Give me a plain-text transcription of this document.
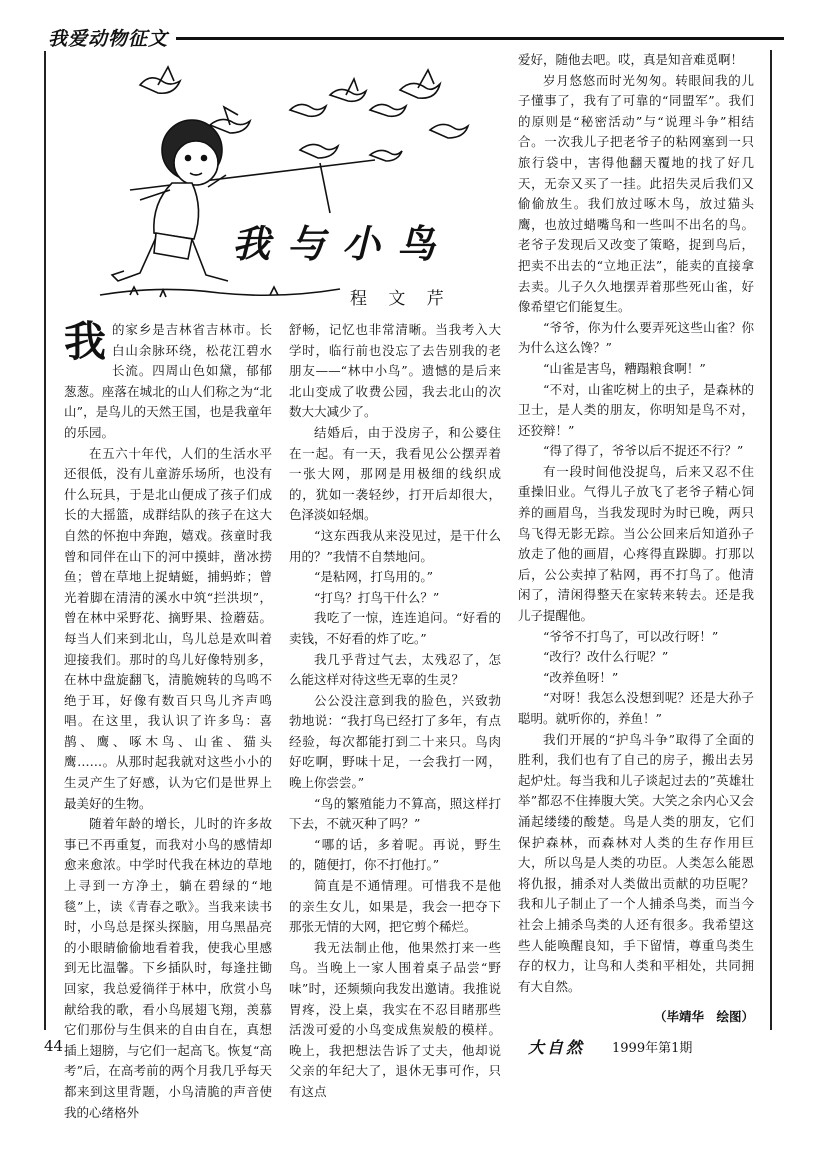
我爱动物征文
我与小鸟
程 文 芹

我的家乡是吉林省吉林市。长白山余脉环绕，松花江碧水长流。四周山色如黛，郁郁葱葱。座落在城北的山人们称之为“北山”，是鸟儿的天然王国，也是我童年的乐园。

在五六十年代，人们的生活水平还很低，没有儿童游乐场所，也没有什么玩具，于是北山便成了孩子们成长的大摇篮，成群结队的孩子在这大自然的怀抱中奔跑，嬉戏。孩童时我曾和同伴在山下的河中摸蚌，凿冰捞鱼；曾在草地上捉蜻蜓，捕蚂蚱；曾光着脚在清清的溪水中筑“拦洪坝”，曾在林中采野花、摘野果、捡蘑菇。每当人们来到北山，鸟儿总是欢叫着迎接我们。那时的鸟儿好像特别多，在林中盘旋翻飞，清脆婉转的鸟鸣不绝于耳，好像有数百只鸟儿齐声鸣唱。在这里，我认识了许多鸟：喜鹊、鹰、啄木鸟、山雀、猫头鹰……。从那时起我就对这些小小的生灵产生了好感，认为它们是世界上最美好的生物。

随着年龄的增长，儿时的许多故事已不再重复，而我对小鸟的感情却愈来愈浓。中学时代我在林边的草地上寻到一方净土，躺在碧绿的“地毯”上，读《青春之歌》。当我来读书时，小鸟总是探头探脑，用乌黑晶亮的小眼睛偷偷地看着我，使我心里感到无比温馨。下乡插队时，每逢拄锄回家，我总爱徜徉于林中，欣赏小鸟献给我的歌，看小鸟展翅飞翔，羡慕它们那份与生俱来的自由自在，真想插上翅膀，与它们一起高飞。恢复“高考”后，在高考前的两个月我几乎每天都来到这里背题，小鸟清脆的声音使我的心绪格外

舒畅，记忆也非常清晰。当我考入大学时，临行前也没忘了去告别我的老朋友——“林中小鸟”。遗憾的是后来北山变成了收费公园，我去北山的次数大大减少了。

结婚后，由于没房子，和公婆住在一起。有一天，我看见公公摆弄着一张大网，那网是用极细的线织成的，犹如一袭轻纱，打开后却很大，色泽淡如轻烟。

“这东西我从来没见过，是干什么用的？”我情不自禁地问。

“是粘网，打鸟用的。”

“打鸟？打鸟干什么？”

我吃了一惊，连连追问。“好看的卖钱，不好看的炸了吃。”

我几乎背过气去，太残忍了，怎么能这样对待这些无辜的生灵？

公公没注意到我的脸色，兴致勃勃地说：“我打鸟已经打了多年，有点经验，每次都能打到二十来只。鸟肉好吃啊，野味十足，一会我打一网，晚上你尝尝。”

“鸟的繁殖能力不算高，照这样打下去，不就灭种了吗？”

“哪的话，多着呢。再说，野生的，随便打，你不打他打。”

简直是不通情理。可惜我不是他的亲生女儿，如果是，我会一把夺下那张无情的大网，把它剪个稀烂。

我无法制止他，他果然打来一些鸟。当晚上一家人围着桌子品尝“野味”时，还频频向我发出邀请。我推说胃疼，没上桌，我实在不忍目睹那些活泼可爱的小鸟变成焦炭般的模样。晚上，我把想法告诉了丈夫，他却说父亲的年纪大了，退休无事可作，只有这点

爱好，随他去吧。哎，真是知音难觅啊！

岁月悠悠而时光匆匆。转眼间我的儿子懂事了，我有了可靠的“同盟军”。我们的原则是“秘密活动”与“说理斗争”相结合。一次我儿子把老爷子的粘网塞到一只旅行袋中，害得他翻天覆地的找了好几天，无奈又买了一挂。此招失灵后我们又偷偷放生。我们放过啄木鸟，放过猫头鹰，也放过蜡嘴鸟和一些叫不出名的鸟。老爷子发现后又改变了策略，捉到鸟后，把卖不出去的“立地正法”，能卖的直接拿去卖。儿子久久地摆弄着那些死山雀，好像希望它们能复生。

“爷爷，你为什么要弄死这些山雀？你为什么这么馋？”

“山雀是害鸟，糟蹋粮食啊！”

“不对，山雀吃树上的虫子，是森林的卫士，是人类的朋友，你明知是鸟不对，还狡辩！”

“得了得了，爷爷以后不捉还不行？”

有一段时间他没捉鸟，后来又忍不住重操旧业。气得儿子放飞了老爷子精心饲养的画眉鸟，当我发现时为时已晚，两只鸟飞得无影无踪。当公公回来后知道孙子放走了他的画眉，心疼得直跺脚。打那以后，公公卖掉了粘网，再不打鸟了。他清闲了，清闲得整天在家转来转去。还是我儿子提醒他。

“爷爷不打鸟了，可以改行呀！”

“改行？改什么行呢？”

“改养鱼呀！”

“对呀！我怎么没想到呢？还是大孙子聪明。就听你的，养鱼！”

我们开展的“护鸟斗争”取得了全面的胜利，我们也有了自己的房子，搬出去另起炉灶。每当我和儿子谈起过去的”英雄壮举”都忍不住捧腹大笑。大笑之余内心又会涌起缕缕的酸楚。鸟是人类的朋友，它们保护森林，而森林对人类的生存作用巨大，所以鸟是人类的功臣。人类怎么能恩将仇报，捕杀对人类做出贡献的功臣呢？我和儿子制止了一个人捕杀鸟类，而当今社会上捕杀鸟类的人还有很多。我希望这些人能唤醒良知，手下留情，尊重鸟类生存的权力，让鸟和人类和平相处，共同拥有大自然。

（毕靖华　绘图）

44	大自然 1999年第1期
